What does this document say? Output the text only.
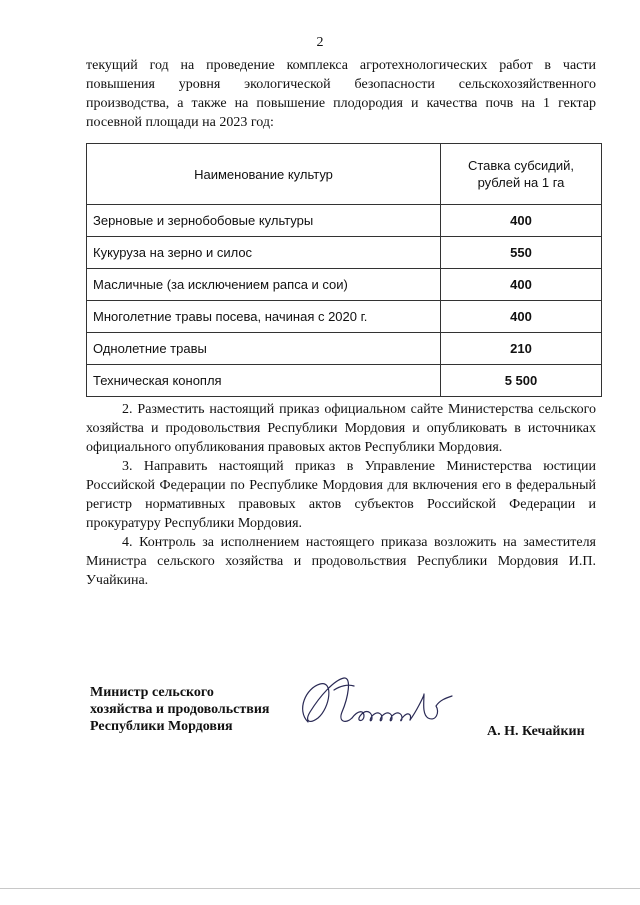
2

текущий год на проведение комплекса агротехнологических работ в части повышения уровня экологической безопасности сельскохозяйственного производства, а также на повышение плодородия и качества почв на 1 гектар посевной площади на 2023 год:

Наименование культур	Ставка субсидий,
рублей на 1 га
Зерновые и зернобобовые культуры	400
Кукуруза на зерно и силос	550
Масличные (за исключением рапса и сои)	400
Многолетние травы посева, начиная с 2020 г.	400
Однолетние травы	210
Техническая конопля	5 500

2. Разместить настоящий приказ официальном сайте Министерства сельского хозяйства и продовольствия Республики Мордовия и опубликовать в источниках официального опубликования правовых актов Республики Мордовия.

3. Направить настоящий приказ в Управление Министерства юстиции Российской Федерации по Республике Мордовия для включения его в федеральный регистр нормативных правовых актов субъектов Российской Федерации и прокуратуру Республики Мордовия.

4. Контроль за исполнением настоящего приказа возложить на заместителя Министра сельского хозяйства и продовольствия Республики Мордовия И.П. Учайкина.

Министр сельского
хозяйства и продовольствия
Республики Мордовия	А. Н. Кечайкин
